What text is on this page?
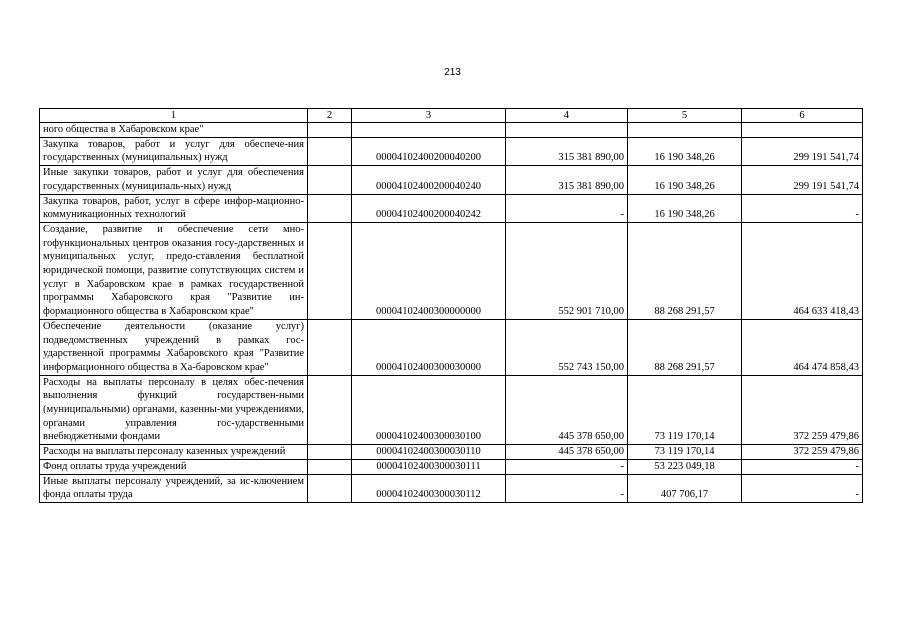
213
1	2	3	4	5	6
ного общества в Хабаровском крае"					
Закупка товаров, работ и услуг для обеспече-ния государственных (муниципальных) нужд		00004102400200040200	315 381 890,00	16 190 348,26	299 191 541,74
Иные закупки товаров, работ и услуг для обеспечения государственных (муниципаль-ных) нужд		00004102400200040240	315 381 890,00	16 190 348,26	299 191 541,74
Закупка товаров, работ, услуг в сфере инфор-мационно-коммуникационных технологий		00004102400200040242	-	16 190 348,26	-
Создание, развитие и обеспечение сети мно-гофункциональных центров оказания госу-дарственных и муниципальных услуг, предо-ставления бесплатной юридической помощи, развитие сопутствующих систем и услуг в Хабаровском крае в рамках государственной программы Хабаровского края "Развитие ин-формационного общества в Хабаровском крае"		00004102400300000000	552 901 710,00	88 268 291,57	464 633 418,43
Обеспечение деятельности (оказание услуг) подведомственных учреждений в рамках гос-ударственной программы Хабаровского края "Развитие информационного общества в Ха-баровском крае"		00004102400300030000	552 743 150,00	88 268 291,57	464 474 858,43
Расходы на выплаты персоналу в целях обес-печения выполнения функций государствен-ными (муниципальными) органами, казенны-ми учреждениями, органами управления гос-ударственными внебюджетными фондами		00004102400300030100	445 378 650,00	73 119 170,14	372 259 479,86
Расходы на выплаты персоналу казенных учреждений		00004102400300030110	445 378 650,00	73 119 170,14	372 259 479,86
Фонд оплаты труда учреждений		00004102400300030111	-	53 223 049,18	-
Иные выплаты персоналу учреждений, за ис-ключением фонда оплаты труда		00004102400300030112	-	407 706,17	-
